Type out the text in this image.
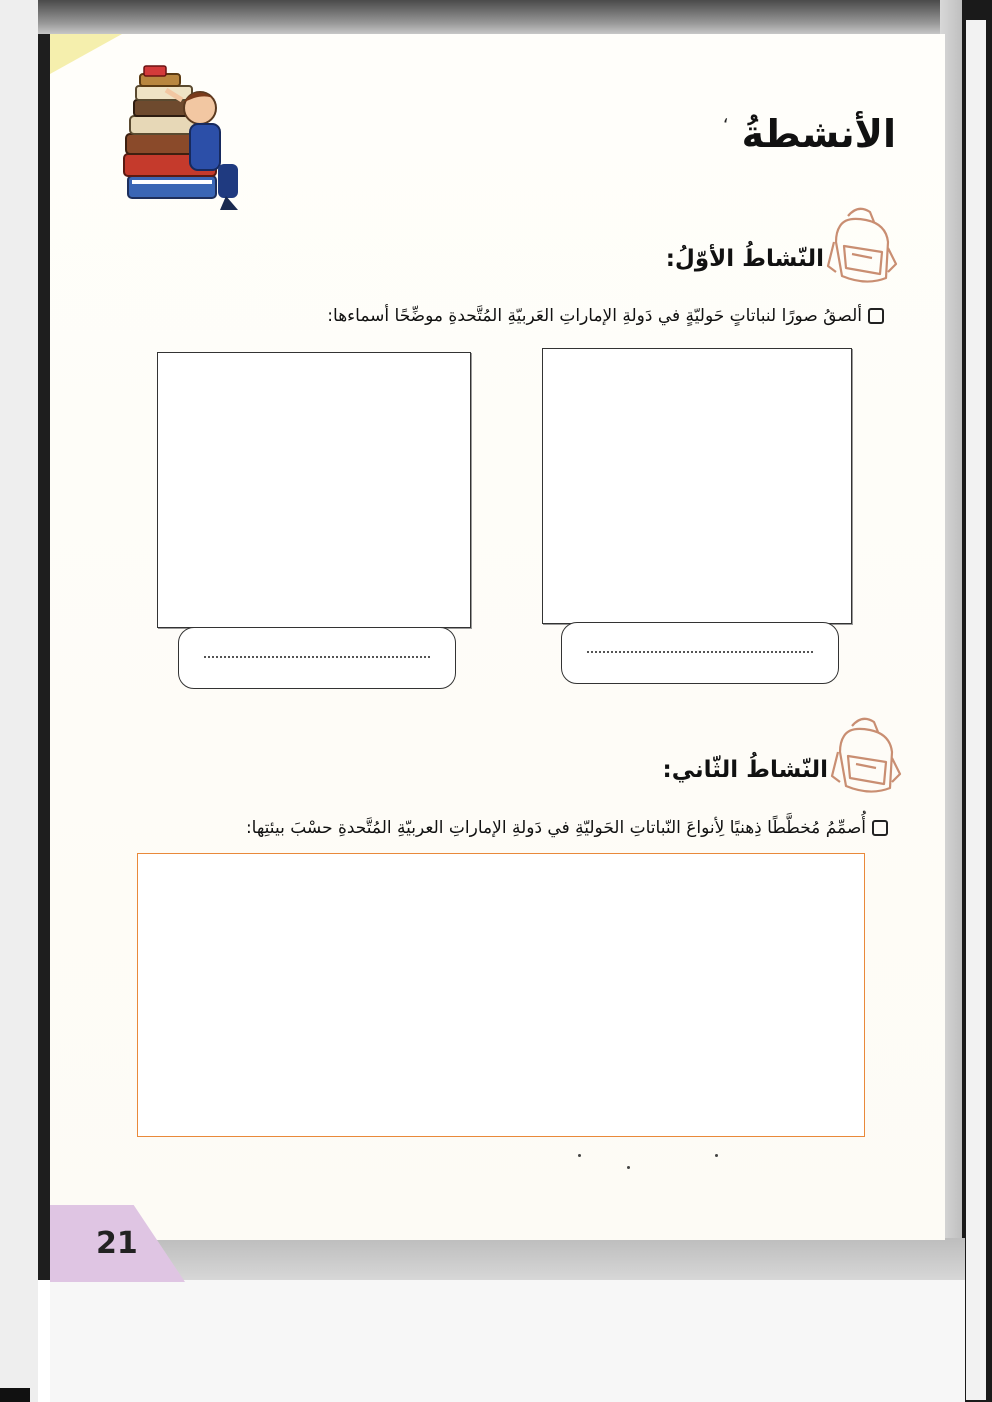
الأنشطةُ
ʻ
النّشاطُ الأوّلُ:
ألصقُ صورًا لنباتاتٍ حَوليّةٍ في دَولةِ الإماراتِ العَربيّةِ المُتَّحدةِ موضِّحًا أسماءها:
النّشاطُ الثّاني:
أُصمِّمُ مُخطَّطًا ذِهنيًا لِأنواعَ النّباتاتِ الحَوليّةِ في دَولةِ الإماراتِ العربيّةِ المُتَّحدةِ حسْبَ بيئتِها:
21
